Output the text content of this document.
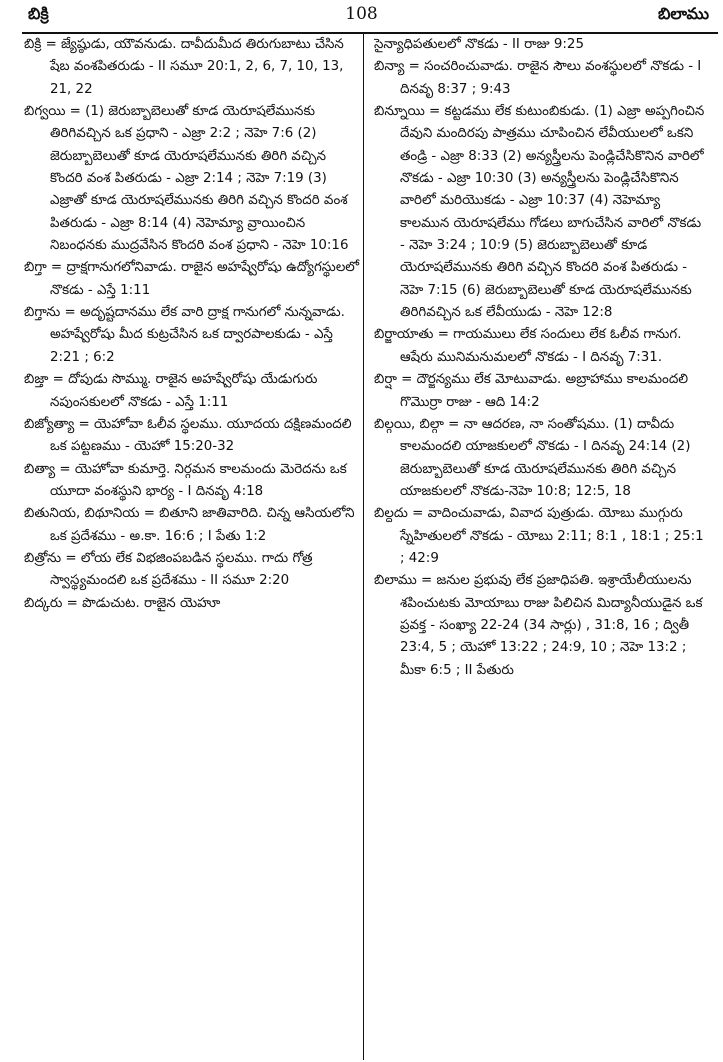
బిక్రి	108	బిలాము

బిక్రి = జ్యేష్ఠుడు, యౌవనుడు. దావీదుమీద తిరుగుబాటు చేసిన షేబ వంశపితరుడు - II సమూ 20:1, 2, 6, 7, 10, 13, 21, 22

బిగ్వయి = (1) జెరుబ్బాబెలుతో కూడ యెరూషలేమునకు తిరిగివచ్చిన ఒక ప్రధాని - ఎజ్రా 2:2 ; నెహె 7:6 (2) జెరుబ్బాబెలుతో కూడ యెరూషలేమునకు తిరిగి వచ్చిన కొందరి వంశ పితరుడు - ఎజ్రా 2:14 ; నెహె 7:19 (3) ఎజ్రాతో కూడ యెరూషలేమునకు తిరిగి వచ్చిన కొందరి వంశ పితరుడు - ఎజ్రా 8:14 (4) నెహెమ్యా వ్రాయించిన నిబంధనకు ముద్రవేసిన కొందరి వంశ ప్రధాని - నెహె 10:16

బిగ్తా = ద్రాక్షగానుగలోనివాడు. రాజైన అహష్వేరోషు ఉద్యోగస్థులలో నొకడు - ఎస్తే 1:11

బిగ్తాను = అదృష్టదానము లేక వారి ద్రాక్ష గానుగలో నున్నవాడు. అహష్వేరోషు మీద కుట్రచేసిన ఒక ద్వారపాలకుడు - ఎస్తే 2:21 ; 6:2

బిజ్తా = దోపుడు సొమ్ము. రాజైన అహష్వేరోషు యేడుగురు నపుంసకులలో నొకడు - ఎస్తే 1:11

బిజ్యోత్యా = యెహోవా ఓలీవ స్థలము. యూదయ దక్షిణమందలి ఒక పట్టణము - యెహో 15:20-32

బిత్యా = యెహోవా కుమార్తె. నిర్గమన కాలమందు మెరెదను ఒక యూదా వంశస్థుని భార్య - I దినవృ 4:18

బితునియ, బిథూనియ = బితూని జాతివారిది. చిన్న ఆసియలోని ఒక ప్రదేశము - అ.కా. 16:6 ; I పేతు 1:2

బిత్రోను = లోయ లేక విభజింపబడిన స్థలము. గాదు గోత్ర స్వాస్థ్యమందలి ఒక ప్రదేశము - II సమూ 2:20

బిద్కరు = పొడుచుట. రాజైన యెహూ

సైన్యాధిపతులలో నొకడు - II రాజు 9:25

బిన్యా = సంచరించువాడు. రాజైన సౌలు వంశస్థులలో నొకడు - I దినవృ 8:37 ; 9:43

బిన్నూయి = కట్టడము లేక కుటుంబికుడు. (1) ఎజ్రా అప్పగించిన దేవుని మందిరపు పాత్రము చూపించిన లేవీయులలో ఒకని తండ్రి - ఎజ్రా 8:33 (2) అన్యస్త్రీలను పెండ్లిచేసికొనిన వారిలో నొకడు - ఎజ్రా 10:30 (3) అన్యస్త్రీలను పెండ్లిచేసికొనిన వారిలో మరియొకడు - ఎజ్రా 10:37 (4) నెహెమ్యా కాలమున యెరూషలేము గోడలు బాగుచేసిన వారిలో నొకడు - నెహె 3:24 ; 10:9 (5) జెరుబ్బాబెలుతో కూడ యెరూషలేమునకు తిరిగి వచ్చిన కొందరి వంశ పితరుడు - నెహె 7:15 (6) జెరుబ్బాబెలుతో కూడ యెరూషలేమునకు తిరిగివచ్చిన ఒక లేవీయుడు - నెహె 12:8

బిర్జాయాతు = గాయములు లేక సందులు లేక ఓలీవ గానుగ. ఆషేరు మునిమనుమలలో నొకడు - I దినవృ 7:31.

బిర్షా = దౌర్జన్యము లేక మోటువాడు. అబ్రాహాము కాలమందలి గొమొర్రా రాజు - ఆది 14:2

బిల్గయి, బిల్గా = నా ఆదరణ, నా సంతోషము. (1) దావీదు కాలమందలి యాజకులలో నొకడు - I దినవృ 24:14 (2) జెరుబ్బాబెలుతో కూడ యెరూషలేమునకు తిరిగి వచ్చిన యాజకులలో నొకడు-నెహె 10:8; 12:5, 18

బిల్దదు = వాదించువాడు, వివాద పుత్రుడు. యోబు ముగ్గురు స్నేహితులలో నొకడు - యోబు 2:11; 8:1 , 18:1 ; 25:1 ; 42:9

బిలాము = జనుల ప్రభువు లేక ప్రజాధిపతి. ఇశ్రాయేలీయులను శపించుటకు మోయాబు రాజు పిలిచిన మిద్యానీయుడైన ఒక ప్రవక్త - సంఖ్యా 22-24 (34 సార్లు) , 31:8, 16 ; ద్వితీ 23:4, 5 ; యెహో 13:22 ; 24:9, 10 ; నెహె 13:2 ; మీకా 6:5 ; II పేతురు
